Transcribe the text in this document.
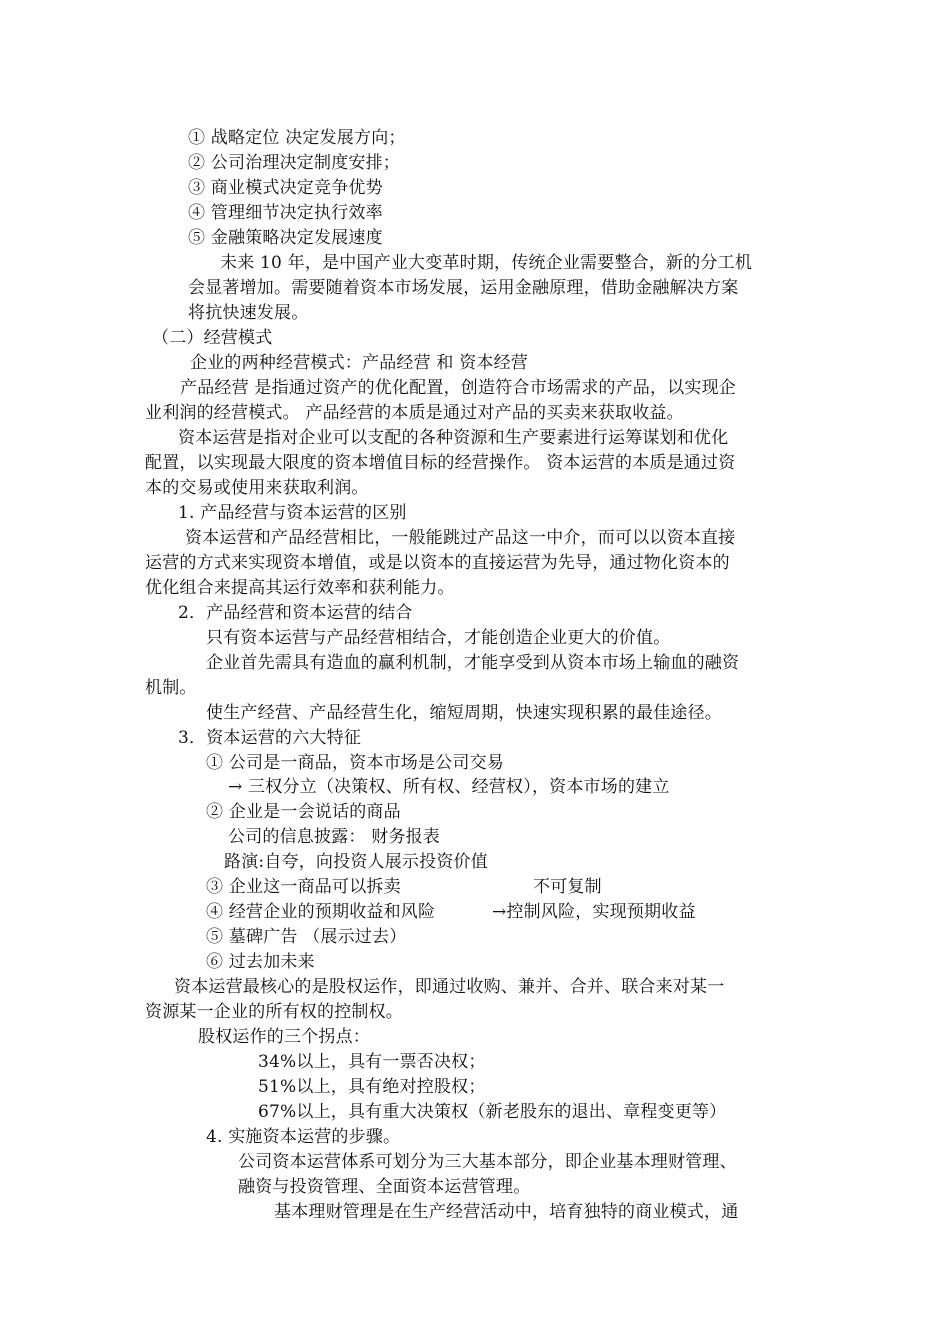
① 战略定位 决定发展方向；
② 公司治理决定制度安排；
③ 商业模式决定竞争优势
④ 管理细节决定执行效率
⑤ 金融策略决定发展速度
未来 10 年，是中国产业大变革时期，传统企业需要整合，新的分工机
会显著增加。需要随着资本市场发展，运用金融原理，借助金融解决方案
将抗快速发展。
（二）经营模式
企业的两种经营模式：产品经营 和 资本经营
产品经营 是指通过资产的优化配置，创造符合市场需求的产品，以实现企
业利润的经营模式。 产品经营的本质是通过对产品的买卖来获取收益。
资本运营是指对企业可以支配的各种资源和生产要素进行运筹谋划和优化
配置，以实现最大限度的资本增值目标的经营操作。 资本运营的本质是通过资
本的交易或使用来获取利润。
1. 产品经营与资本运营的区别
资本运营和产品经营相比，一般能跳过产品这一中介，而可以以资本直接
运营的方式来实现资本增值，或是以资本的直接运营为先导，通过物化资本的
优化组合来提高其运行效率和获利能力。
2．产品经营和资本运营的结合
只有资本运营与产品经营相结合，才能创造企业更大的价值。
企业首先需具有造血的赢利机制，才能享受到从资本市场上输血的融资
机制。
使生产经营、产品经营生化，缩短周期，快速实现积累的最佳途径。
3．资本运营的六大特征
① 公司是一商品，资本市场是公司交易
→ 三权分立（决策权、所有权、经营权），资本市场的建立
② 企业是一会说话的商品
公司的信息披露： 财务报表
路演:自夸，向投资人展示投资价值
③ 企业这一商品可以拆卖	不可复制
④ 经营企业的预期收益和风险	→控制风险，实现预期收益
⑤ 墓碑广告 （展示过去）
⑥ 过去加未来
资本运营最核心的是股权运作，即通过收购、兼并、合并、联合来对某一
资源某一企业的所有权的控制权。
股权运作的三个拐点：
34%以上，具有一票否决权；
51%以上，具有绝对控股权；
67%以上，具有重大决策权（新老股东的退出、章程变更等）
4. 实施资本运营的步骤。
公司资本运营体系可划分为三大基本部分，即企业基本理财管理、
融资与投资管理、全面资本运营管理。
基本理财管理是在生产经营活动中，培育独特的商业模式，通
